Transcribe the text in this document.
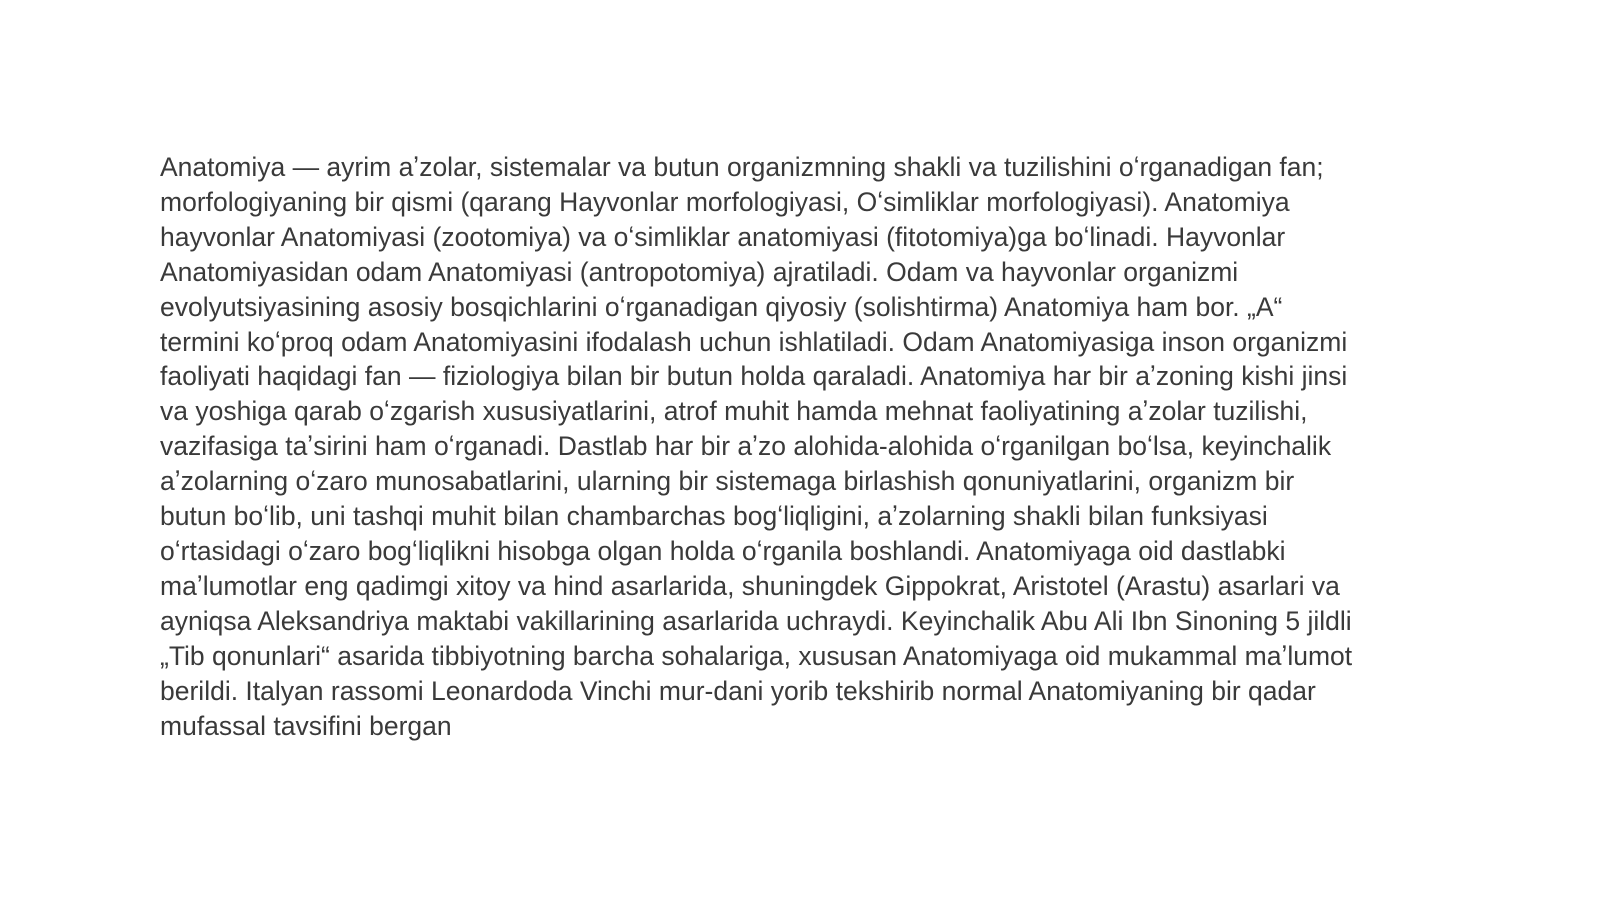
Anatomiya — ayrim aʼzolar, sistemalar va butun organizmning shakli va tuzilishini oʻrganadigan fan;
morfologiyaning bir qismi (qarang Hayvonlar morfologiyasi, Oʻsimliklar morfologiyasi). Anatomiya
hayvonlar Anatomiyasi (zootomiya) va oʻsimliklar anatomiyasi (fitotomiya)ga boʻlinadi. Hayvonlar
Anatomiyasidan odam Anatomiyasi (antropotomiya) ajratiladi. Odam va hayvonlar organizmi
evolyutsiyasining asosiy bosqichlarini oʻrganadigan qiyosiy (solishtirma) Anatomiya ham bor. „A“
termini koʻproq odam Anatomiyasini ifodalash uchun ishlatiladi. Odam Anatomiyasiga inson organizmi
faoliyati haqidagi fan — fiziologiya bilan bir butun holda qaraladi. Anatomiya har bir aʼzoning kishi jinsi
va yoshiga qarab oʻzgarish xususiyatlarini, atrof muhit hamda mehnat faoliyatining aʼzolar tuzilishi,
vazifasiga taʼsirini ham oʻrganadi. Dastlab har bir aʼzo alohida-alohida oʻrganilgan boʻlsa, keyinchalik
aʼzolarning oʻzaro munosabatlarini, ularning bir sistemaga birlashish qonuniyatlarini, organizm bir
butun boʻlib, uni tashqi muhit bilan chambarchas bogʻliqligini, aʼzolarning shakli bilan funksiyasi
oʻrtasidagi oʻzaro bogʻliqlikni hisobga olgan holda oʻrganila boshlandi. Anatomiyaga oid dastlabki
maʼlumotlar eng qadimgi xitoy va hind asarlarida, shuningdek Gippokrat, Aristotel (Arastu) asarlari va
ayniqsa Aleksandriya maktabi vakillarining asarlarida uchraydi. Keyinchalik Abu Ali Ibn Sinoning 5 jildli
„Tib qonunlari“ asarida tibbiyotning barcha sohalariga, xususan Anatomiyaga oid mukammal maʼlumot
berildi. Italyan rassomi Leonardoda Vinchi mur-dani yorib tekshirib normal Anatomiyaning bir qadar
mufassal tavsifini bergan
